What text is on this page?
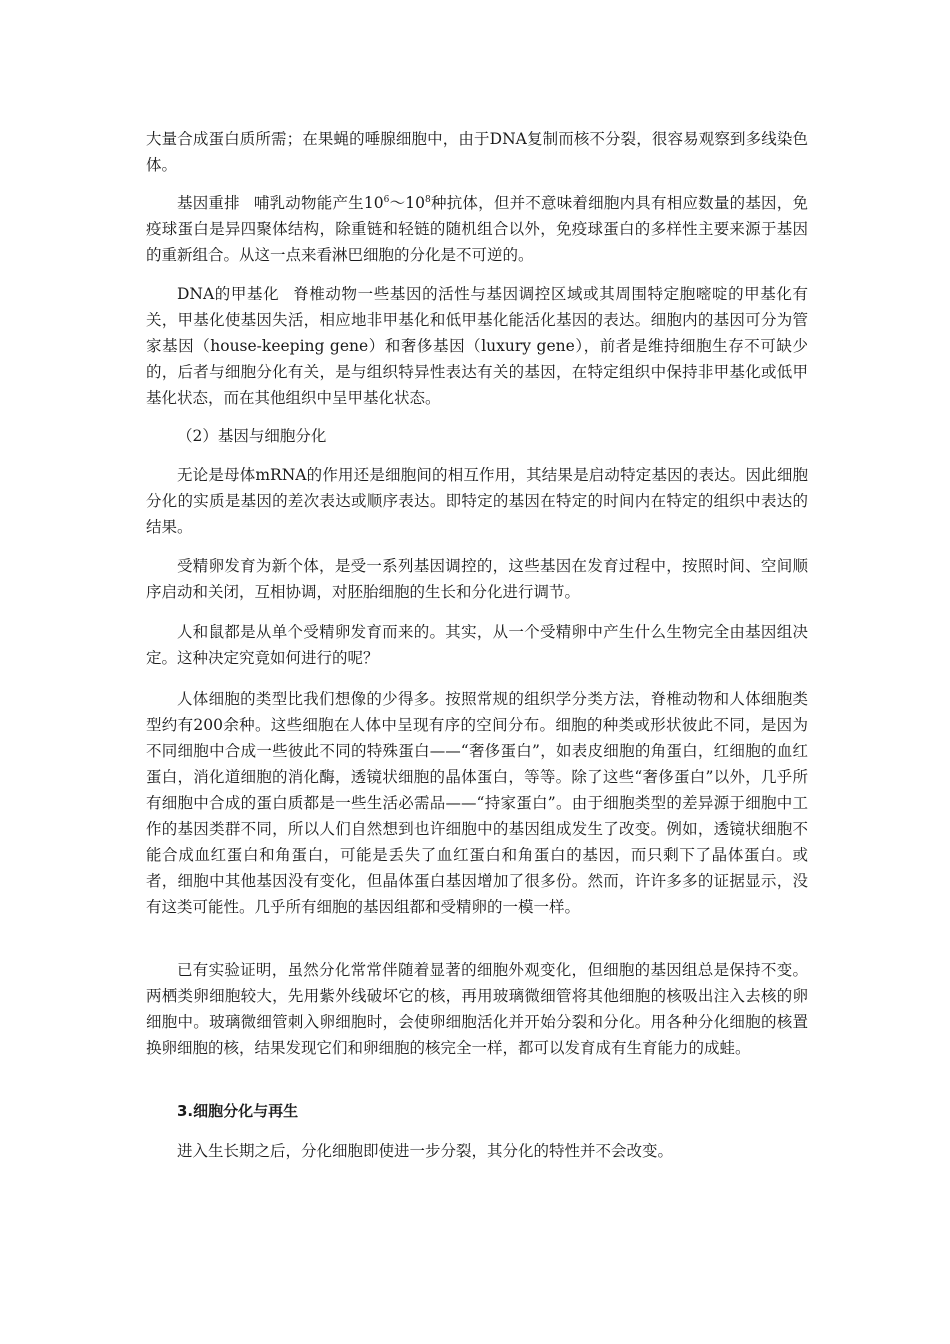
大量合成蛋白质所需；在果蝇的唾腺细胞中，由于DNA复制而核不分裂，很容易观察到多线染色体。

基因重排 哺乳动物能产生$10^6\sim 10^8$种抗体，但并不意味着细胞内具有相应数量的基因，免疫球蛋白是异四聚体结构，除重链和轻链的随机组合以外，免疫球蛋白的多样性主要来源于基因的重新组合。从这一点来看淋巴细胞的分化是不可逆的。

DNA的甲基化 脊椎动物一些基因的活性与基因调控区域或其周围特定胞嘧啶的甲基化有关，甲基化使基因失活，相应地非甲基化和低甲基化能活化基因的表达。细胞内的基因可分为管家基因（house-keeping gene）和奢侈基因（luxury gene），前者是维持细胞生存不可缺少的，后者与细胞分化有关，是与组织特异性表达有关的基因，在特定组织中保持非甲基化或低甲基化状态，而在其他组织中呈甲基化状态。

（2）基因与细胞分化

无论是母体mRNA的作用还是细胞间的相互作用，其结果是启动特定基因的表达。因此细胞分化的实质是基因的差次表达或顺序表达。即特定的基因在特定的时间内在特定的组织中表达的结果。

受精卵发育为新个体，是受一系列基因调控的，这些基因在发育过程中，按照时间、空间顺序启动和关闭，互相协调，对胚胎细胞的生长和分化进行调节。

人和鼠都是从单个受精卵发育而来的。其实，从一个受精卵中产生什么生物完全由基因组决定。这种决定究竟如何进行的呢？

人体细胞的类型比我们想像的少得多。按照常规的组织学分类方法，脊椎动物和人体细胞类型约有200余种。这些细胞在人体中呈现有序的空间分布。细胞的种类或形状彼此不同，是因为不同细胞中合成一些彼此不同的特殊蛋白——“奢侈蛋白”，如表皮细胞的角蛋白，红细胞的血红蛋白，消化道细胞的消化酶，透镜状细胞的晶体蛋白，等等。除了这些“奢侈蛋白”以外，几乎所有细胞中合成的蛋白质都是一些生活必需品——“持家蛋白”。由于细胞类型的差异源于细胞中工作的基因类群不同，所以人们自然想到也许细胞中的基因组成发生了改变。例如，透镜状细胞不能合成血红蛋白和角蛋白，可能是丢失了血红蛋白和角蛋白的基因，而只剩下了晶体蛋白。或者，细胞中其他基因没有变化，但晶体蛋白基因增加了很多份。然而，许许多多的证据显示，没有这类可能性。几乎所有细胞的基因组都和受精卵的一模一样。

已有实验证明，虽然分化常常伴随着显著的细胞外观变化，但细胞的基因组总是保持不变。两栖类卵细胞较大，先用紫外线破坏它的核，再用玻璃微细管将其他细胞的核吸出注入去核的卵细胞中。玻璃微细管刺入卵细胞时，会使卵细胞活化并开始分裂和分化。用各种分化细胞的核置换卵细胞的核，结果发现它们和卵细胞的核完全一样，都可以发育成有生育能力的成蛙。

3.细胞分化与再生

进入生长期之后，分化细胞即使进一步分裂，其分化的特性并不会改变。
